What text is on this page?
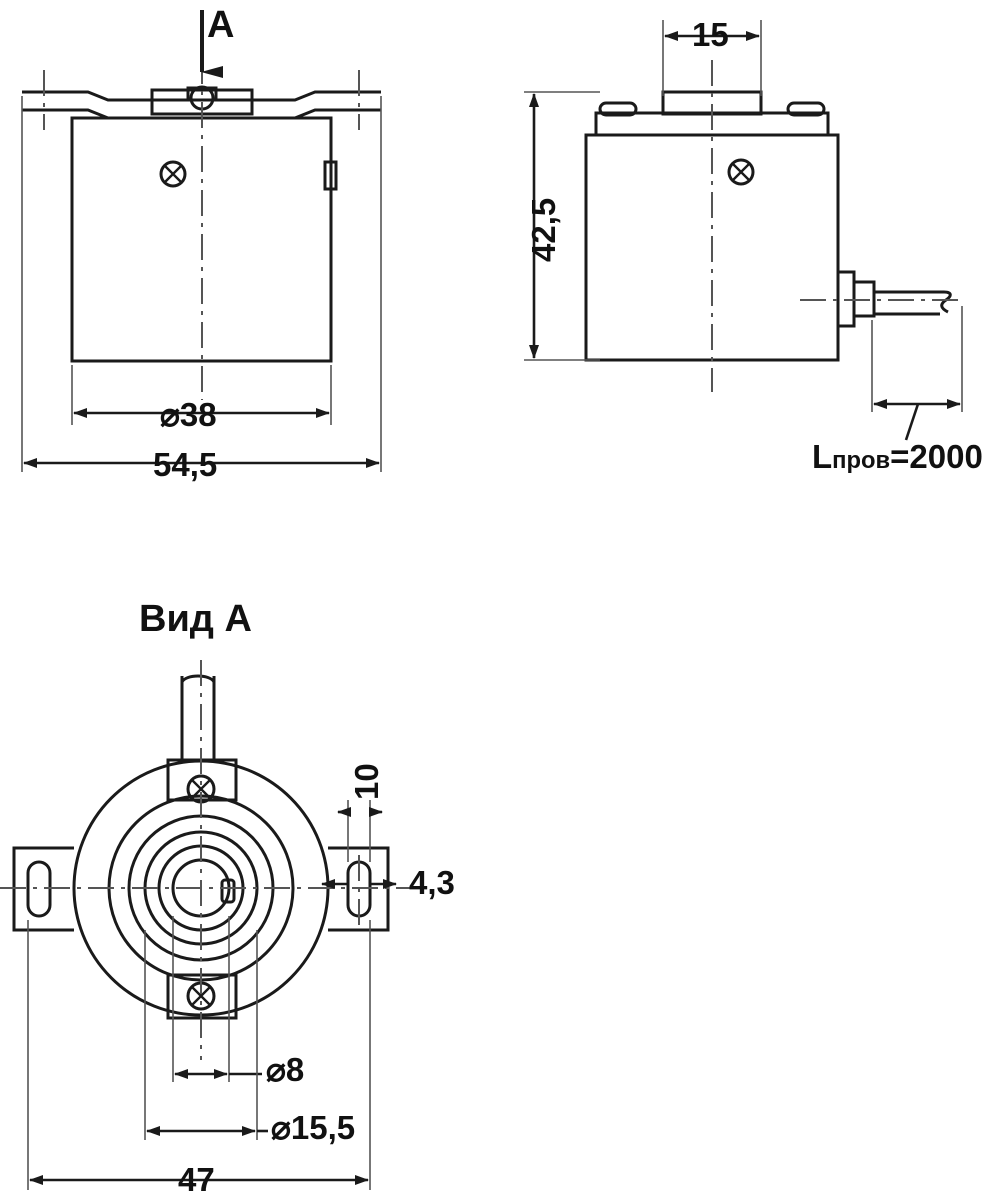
A
⌀38
54,5
15
42,5
Lпров=2000
Вид A
10
4,3
⌀8
⌀15,5
47
